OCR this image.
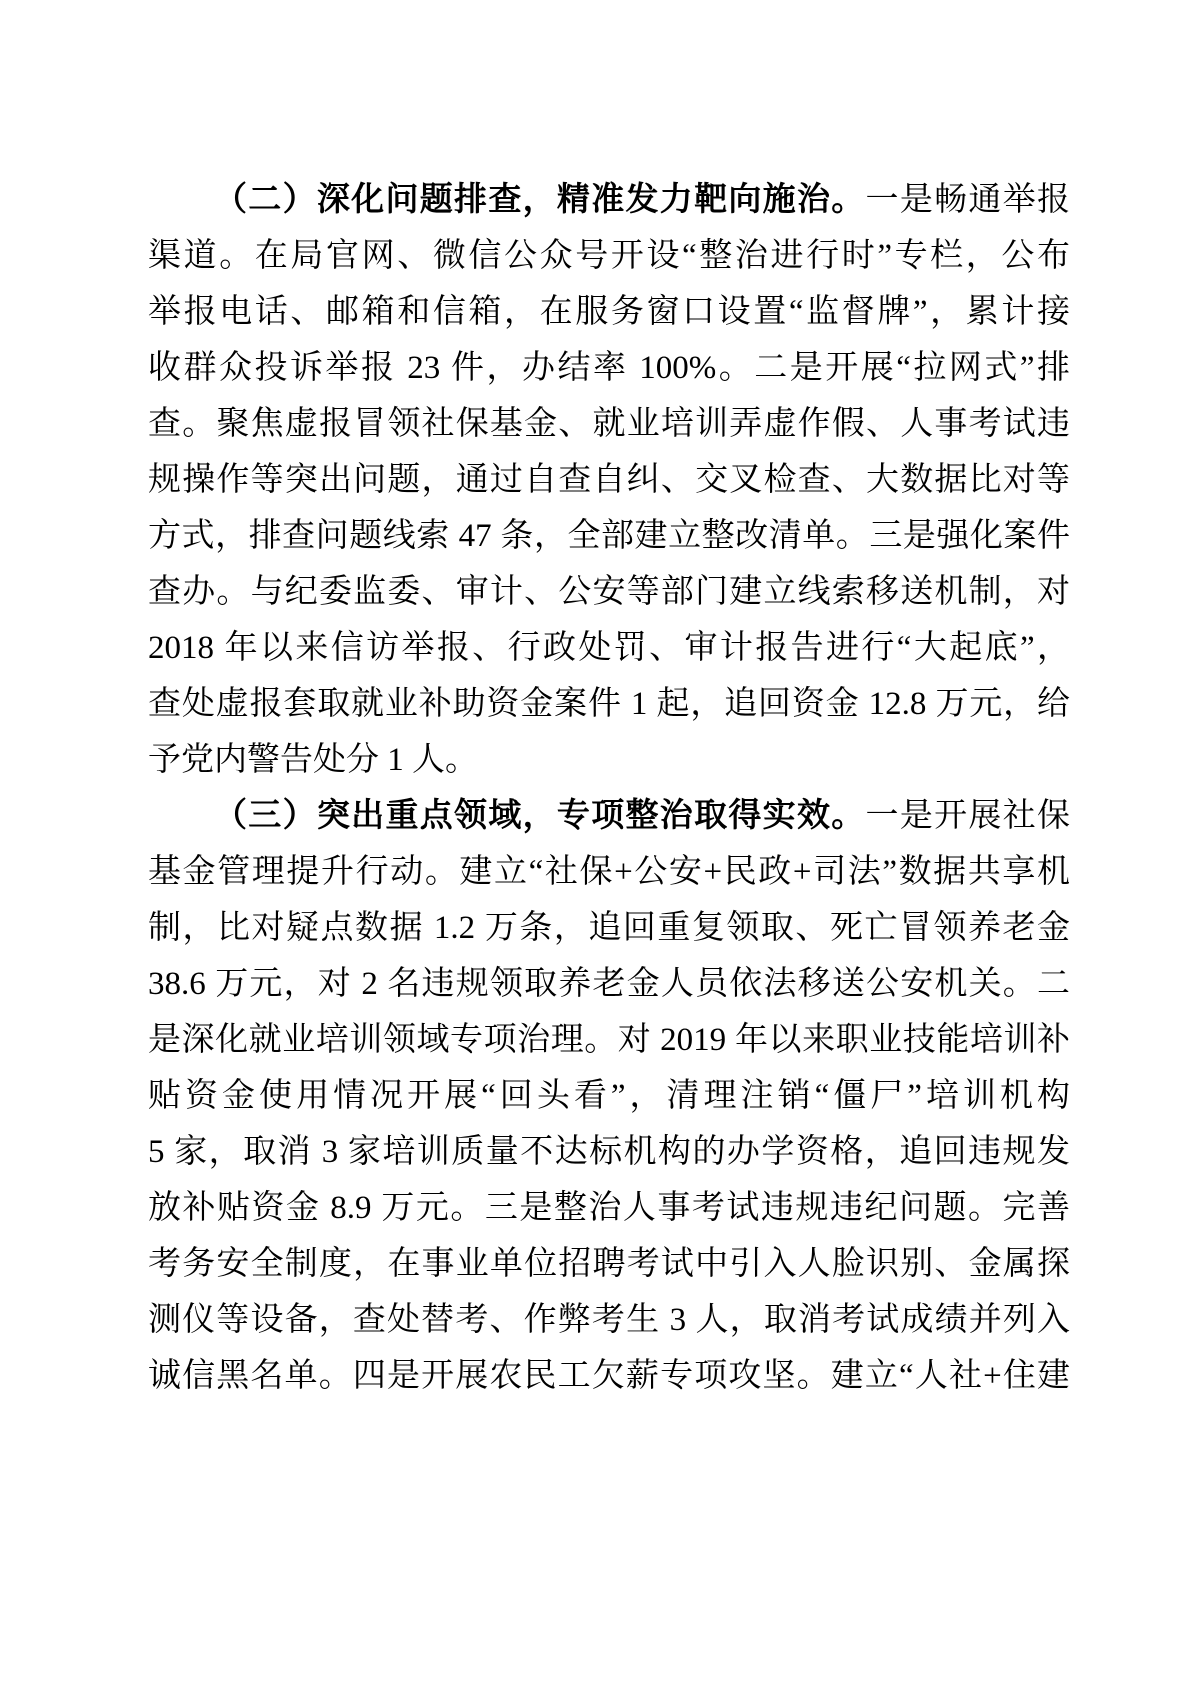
（二）深化问题排查，精准发力靶向施治。一是畅通举报
渠道。在局官网、微信公众号开设“整治进行时”专栏，公布
举报电话、邮箱和信箱，在服务窗口设置“监督牌”，累计接
收群众投诉举报 23 件，办结率 100%。二是开展“拉网式”排
查。聚焦虚报冒领社保基金、就业培训弄虚作假、人事考试违
规操作等突出问题，通过自查自纠、交叉检查、大数据比对等
方式，排查问题线索 47 条，全部建立整改清单。三是强化案件
查办。与纪委监委、审计、公安等部门建立线索移送机制，对
2018 年以来信访举报、行政处罚、审计报告进行“大起底”，
查处虚报套取就业补助资金案件 1 起，追回资金 12.8 万元，给
予党内警告处分 1 人。
（三）突出重点领域，专项整治取得实效。一是开展社保
基金管理提升行动。建立“社保+公安+民政+司法”数据共享机
制，比对疑点数据 1.2 万条，追回重复领取、死亡冒领养老金
38.6 万元，对 2 名违规领取养老金人员依法移送公安机关。二
是深化就业培训领域专项治理。对 2019 年以来职业技能培训补
贴资金使用情况开展“回头看”，清理注销“僵尸”培训机构
5 家，取消 3 家培训质量不达标机构的办学资格，追回违规发
放补贴资金 8.9 万元。三是整治人事考试违规违纪问题。完善
考务安全制度，在事业单位招聘考试中引入人脸识别、金属探
测仪等设备，查处替考、作弊考生 3 人，取消考试成绩并列入
诚信黑名单。四是开展农民工欠薪专项攻坚。建立“人社+住建
